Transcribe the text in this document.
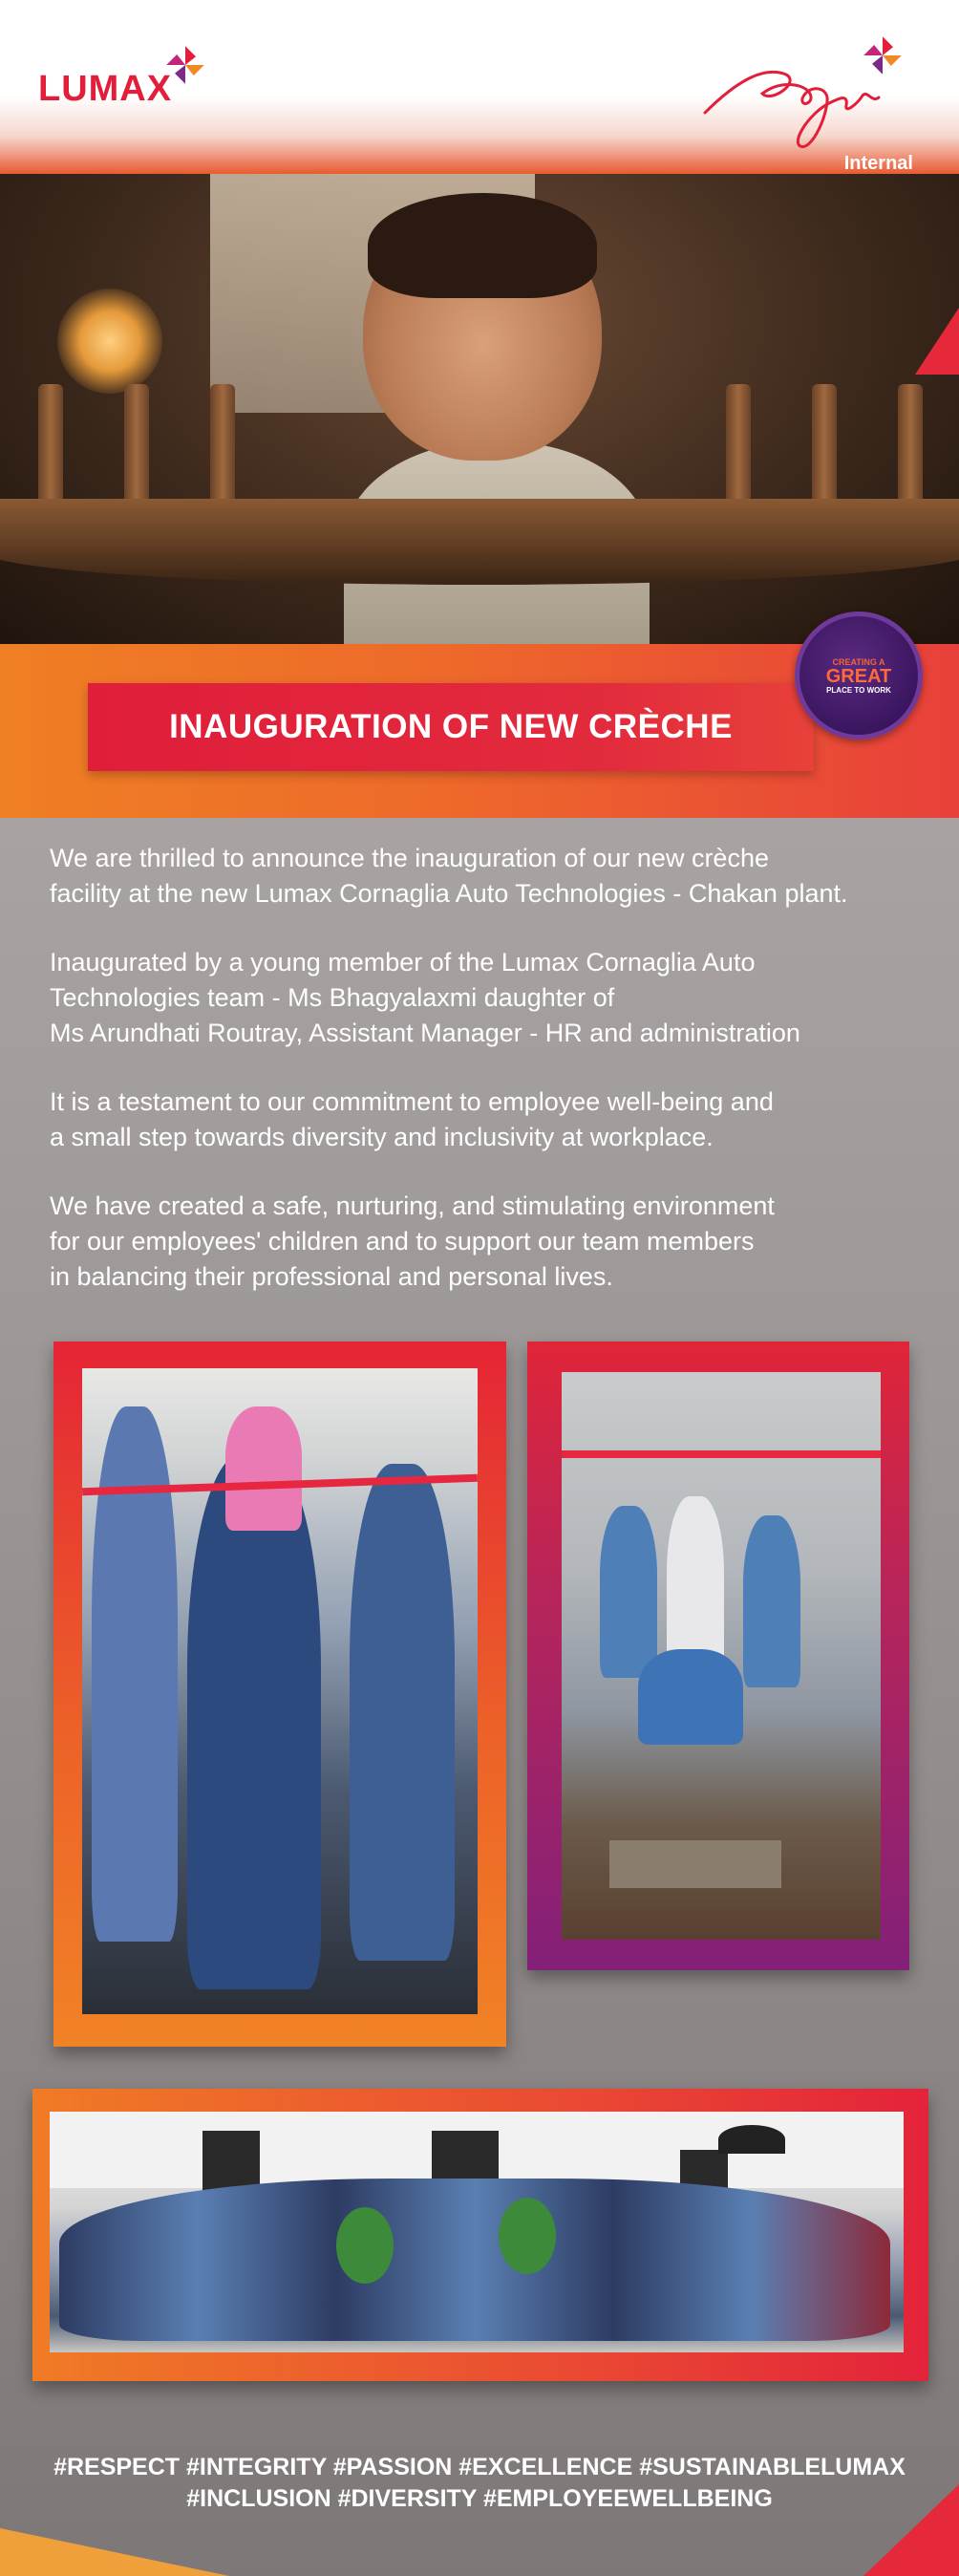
LUMAX
Internal
INAUGURATION OF NEW CRÈCHE
CREATING A
GREAT
PLACE TO WORK

We are thrilled to announce the inauguration of our new crèche
facility at the new Lumax Cornaglia Auto Technologies - Chakan plant.

Inaugurated by a young member of the Lumax Cornaglia Auto
Technologies team - Ms Bhagyalaxmi daughter of
Ms Arundhati Routray, Assistant Manager - HR and administration

It is a testament to our commitment to employee well-being and
a small step towards diversity and inclusivity at workplace.

We have created a safe, nurturing, and stimulating environment
for our employees' children and to support our team members
in balancing their professional and personal lives.

#RESPECT #INTEGRITY #PASSION #EXCELLENCE #SUSTAINABLELUMAX
#INCLUSION #DIVERSITY #EMPLOYEEWELLBEING
